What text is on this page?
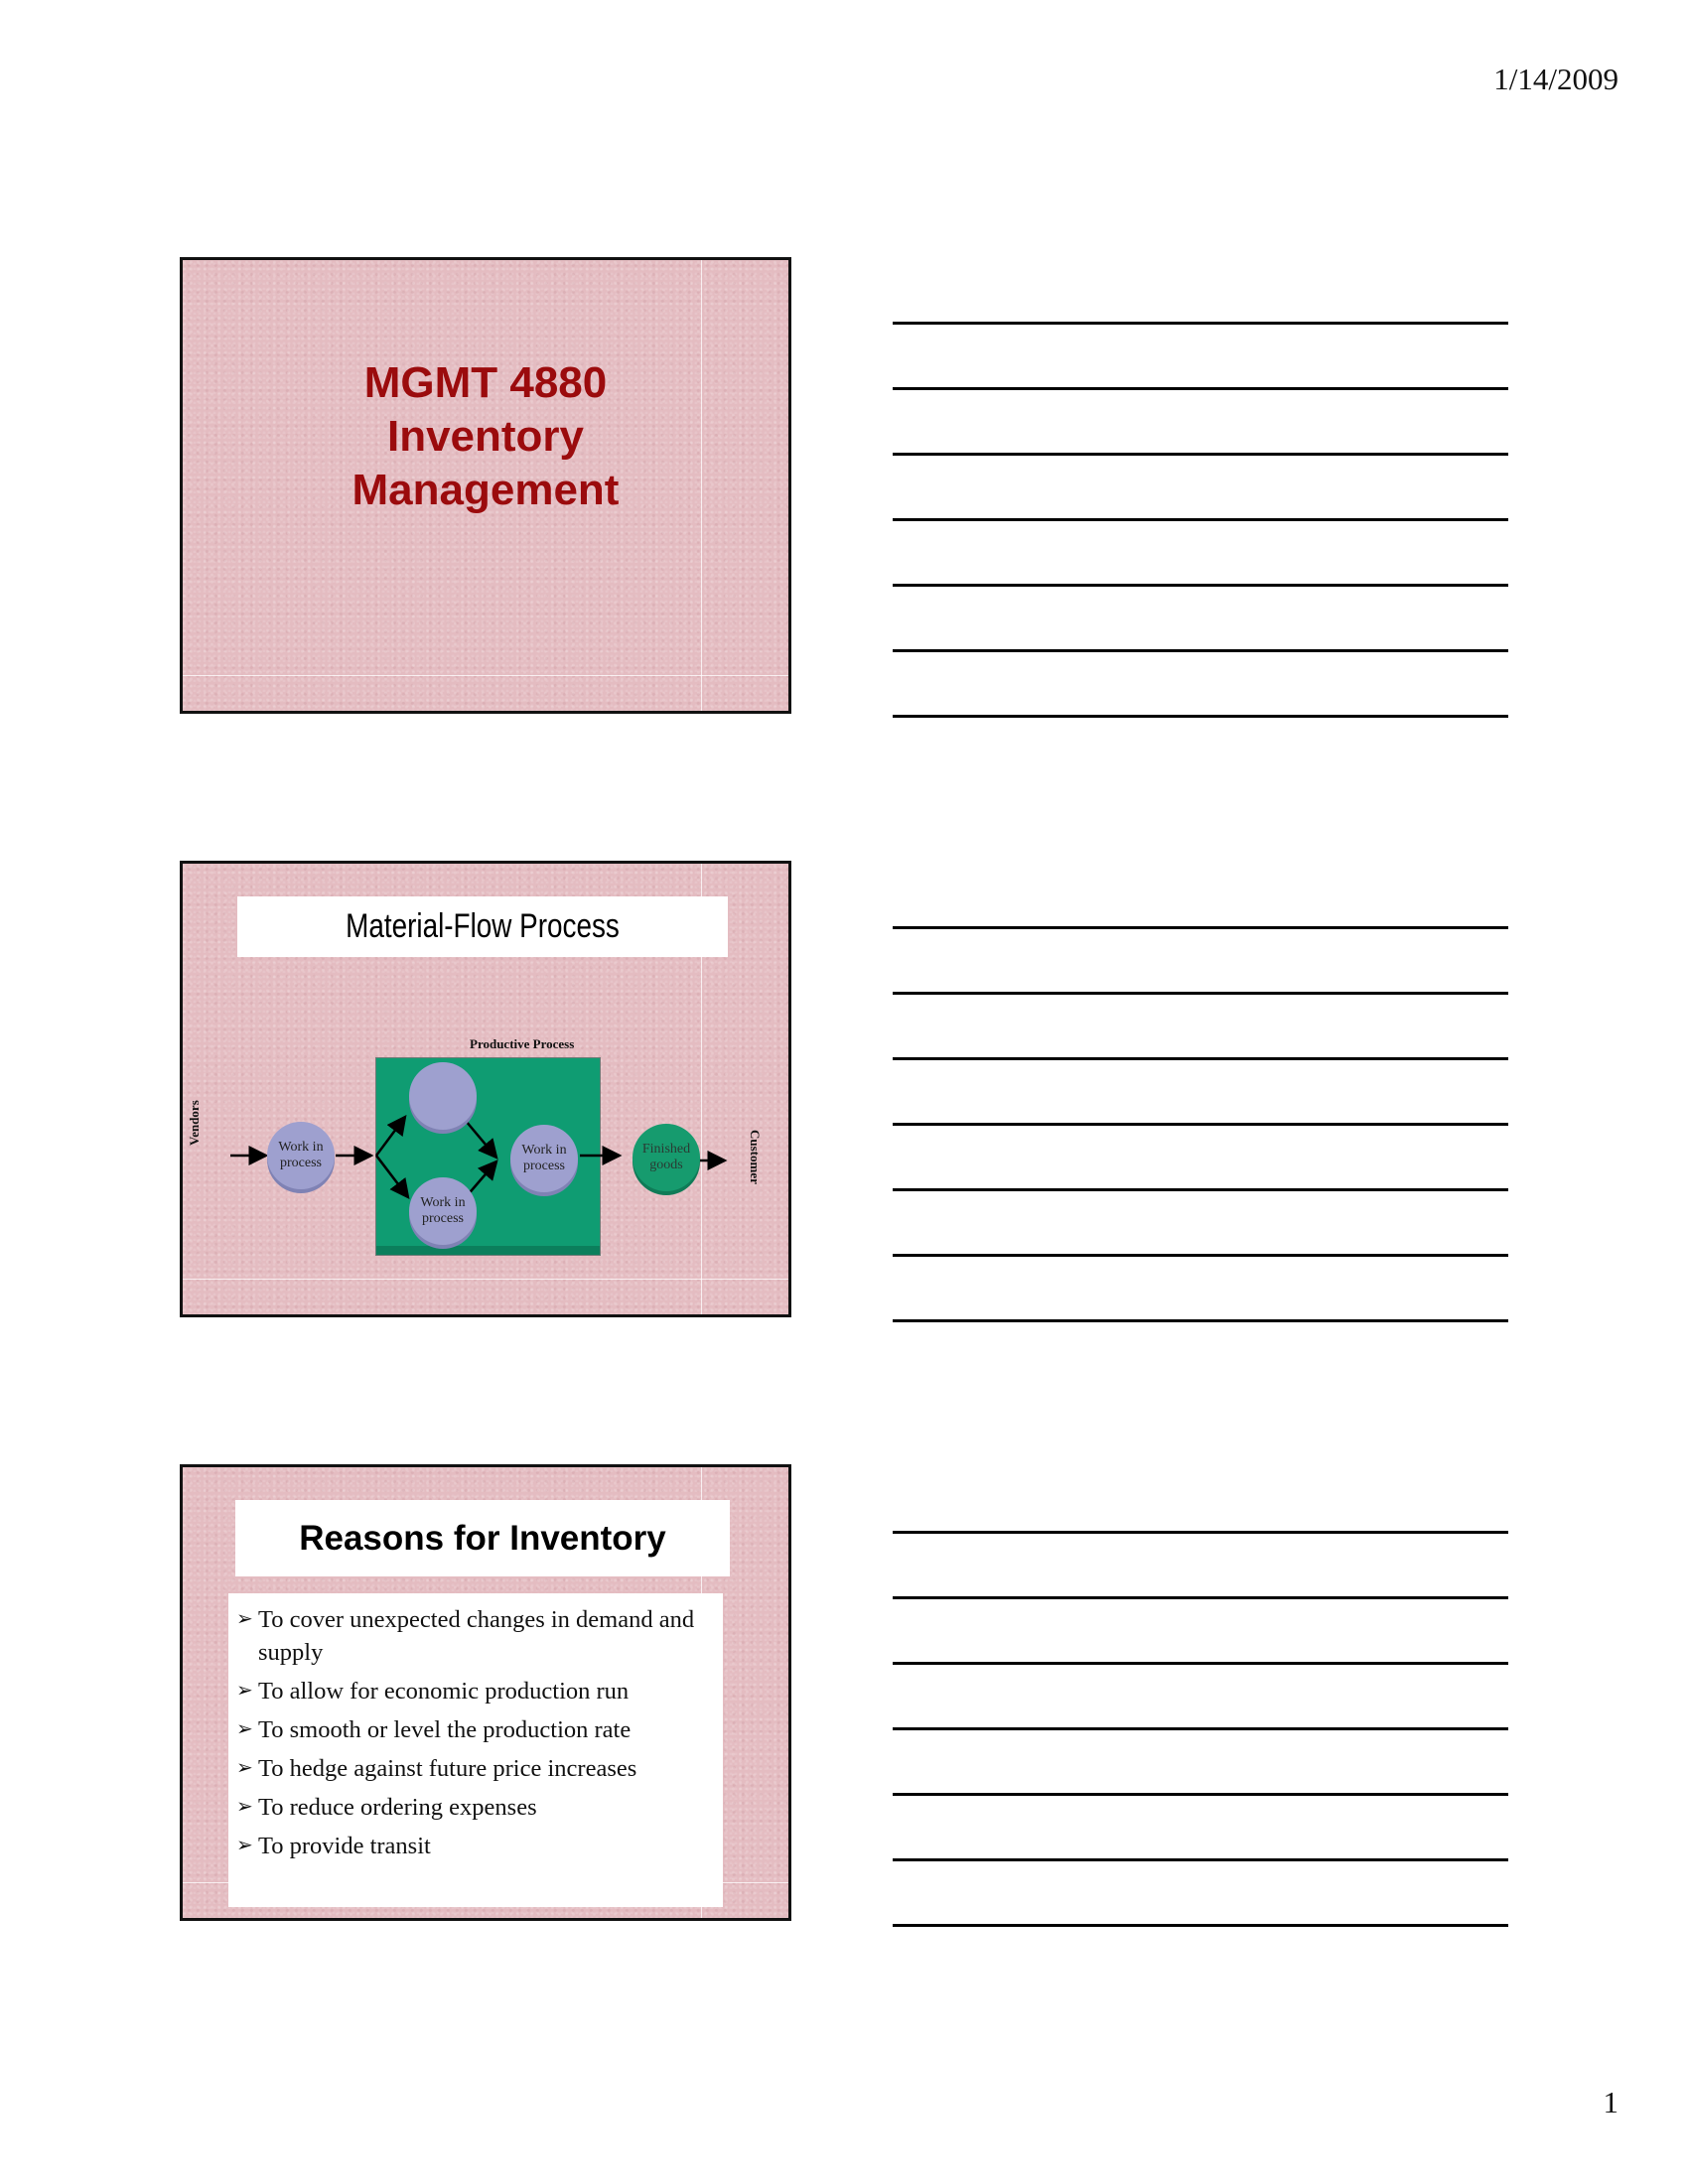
1/14/2009
MGMT 4880
Inventory
Management
Material-Flow Process
Productive Process
Work in
process
Work in
process
Work in
process
Finished
goods
Vendors
Customer
Reasons for Inventory
➢ To cover unexpected changes in demand and supply
➢ To allow for economic production run
➢ To smooth or level the production rate
➢ To hedge against future price increases
➢ To reduce ordering expenses
➢ To provide transit
1
